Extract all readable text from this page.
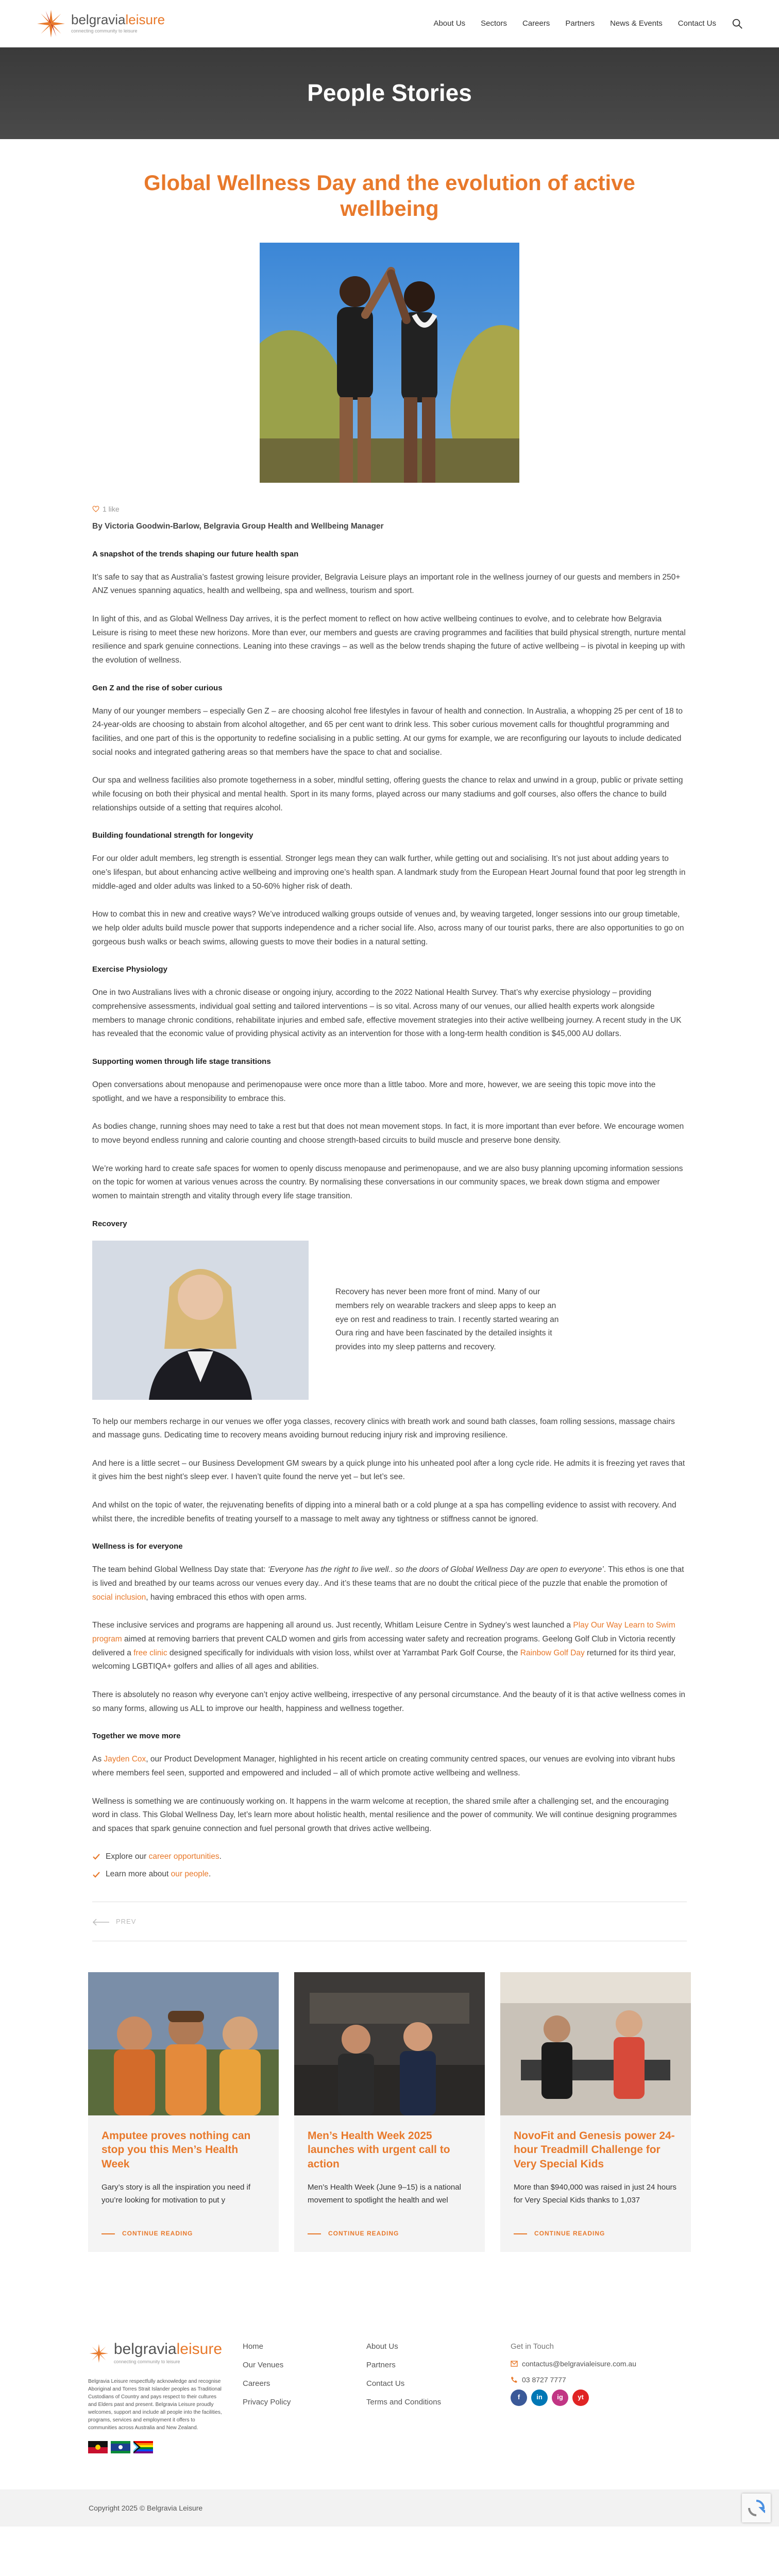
belgravialeisure
connecting community to leisure
About Us Sectors Careers Partners News & Events Contact Us
People Stories
Global Wellness Day and the evolution of active wellbeing
1 like

By Victoria Goodwin-Barlow, Belgravia Group Health and Wellbeing Manager

A snapshot of the trends shaping our future health span

It’s safe to say that as Australia’s fastest growing leisure provider, Belgravia Leisure plays an important role in the wellness journey of our guests and members in 250+ ANZ venues spanning aquatics, health and wellbeing, spa and wellness, tourism and sport.

In light of this, and as Global Wellness Day arrives, it is the perfect moment to reflect on how active wellbeing continues to evolve, and to celebrate how Belgravia Leisure is rising to meet these new horizons. More than ever, our members and guests are craving programmes and facilities that build physical strength, nurture mental resilience and spark genuine connections. Leaning into these cravings – as well as the below trends shaping the future of active wellbeing – is pivotal in keeping up with the evolution of wellness.

Gen Z and the rise of sober curious

Many of our younger members – especially Gen Z – are choosing alcohol free lifestyles in favour of health and connection. In Australia, a whopping 25 per cent of 18 to 24-year-olds are choosing to abstain from alcohol altogether, and 65 per cent want to drink less. This sober curious movement calls for thoughtful programming and facilities, and one part of this is the opportunity to redefine socialising in a public setting. At our gyms for example, we are reconfiguring our layouts to include dedicated social nooks and integrated gathering areas so that members have the space to chat and socialise.

Our spa and wellness facilities also promote togetherness in a sober, mindful setting, offering guests the chance to relax and unwind in a group, public or private setting while focusing on both their physical and mental health. Sport in its many forms, played across our many stadiums and golf courses, also offers the chance to build relationships outside of a setting that requires alcohol.

Building foundational strength for longevity

For our older adult members, leg strength is essential. Stronger legs mean they can walk further, while getting out and socialising. It’s not just about adding years to one’s lifespan, but about enhancing active wellbeing and improving one’s health span. A landmark study from the European Heart Journal found that poor leg strength in middle-aged and older adults was linked to a 50-60% higher risk of death.

How to combat this in new and creative ways? We’ve introduced walking groups outside of venues and, by weaving targeted, longer sessions into our group timetable, we help older adults build muscle power that supports independence and a richer social life. Also, across many of our tourist parks, there are also opportunities to go on gorgeous bush walks or beach swims, allowing guests to move their bodies in a natural setting.

Exercise Physiology

One in two Australians lives with a chronic disease or ongoing injury, according to the 2022 National Health Survey. That’s why exercise physiology – providing comprehensive assessments, individual goal setting and tailored interventions – is so vital. Across many of our venues, our allied health experts work alongside members to manage chronic conditions, rehabilitate injuries and embed safe, effective movement strategies into their active wellbeing journey. A recent study in the UK has revealed that the economic value of providing physical activity as an intervention for those with a long-term health condition is $45,000 AU dollars.

Supporting women through life stage transitions

Open conversations about menopause and perimenopause were once more than a little taboo. More and more, however, we are seeing this topic move into the spotlight, and we have a responsibility to embrace this.

As bodies change, running shoes may need to take a rest but that does not mean movement stops. In fact, it is more important than ever before. We encourage women to move beyond endless running and calorie counting and choose strength-based circuits to build muscle and preserve bone density.

We’re working hard to create safe spaces for women to openly discuss menopause and perimenopause, and we are also busy planning upcoming information sessions on the topic for women at various venues across the country. By normalising these conversations in our community spaces, we break down stigma and empower women to maintain strength and vitality through every life stage transition.

Recovery

Recovery has never been more front of mind. Many of our members rely on wearable trackers and sleep apps to keep an eye on rest and readiness to train. I recently started wearing an Oura ring and have been fascinated by the detailed insights it provides into my sleep patterns and recovery.

To help our members recharge in our venues we offer yoga classes, recovery clinics with breath work and sound bath classes, foam rolling sessions, massage chairs and massage guns. Dedicating time to recovery means avoiding burnout reducing injury risk and improving resilience.

And here is a little secret – our Business Development GM swears by a quick plunge into his unheated pool after a long cycle ride. He admits it is freezing yet raves that it gives him the best night’s sleep ever. I haven’t quite found the nerve yet – but let’s see.

And whilst on the topic of water, the rejuvenating benefits of dipping into a mineral bath or a cold plunge at a spa has compelling evidence to assist with recovery. And whilst there, the incredible benefits of treating yourself to a massage to melt away any tightness or stiffness cannot be ignored.

Wellness is for everyone

The team behind Global Wellness Day state that: ‘Everyone has the right to live well.. so the doors of Global Wellness Day are open to everyone’. This ethos is one that is lived and breathed by our teams across our venues every day.. And it’s these teams that are no doubt the critical piece of the puzzle that enable the promotion of social inclusion, having embraced this ethos with open arms.

These inclusive services and programs are happening all around us. Just recently, Whitlam Leisure Centre in Sydney’s west launched a Play Our Way Learn to Swim program aimed at removing barriers that prevent CALD women and girls from accessing water safety and recreation programs. Geelong Golf Club in Victoria recently delivered a free clinic designed specifically for individuals with vision loss, whilst over at Yarrambat Park Golf Course, the Rainbow Golf Day returned for its third year, welcoming LGBTIQA+ golfers and allies of all ages and abilities.

There is absolutely no reason why everyone can’t enjoy active wellbeing, irrespective of any personal circumstance. And the beauty of it is that active wellness comes in so many forms, allowing us ALL to improve our health, happiness and wellness together.

Together we move more

As Jayden Cox, our Product Development Manager, highlighted in his recent article on creating community centred spaces, our venues are evolving into vibrant hubs where members feel seen, supported and empowered and included – all of which promote active wellbeing and wellness.

Wellness is something we are continuously working on. It happens in the warm welcome at reception, the shared smile after a challenging set, and the encouraging word in class. This Global Wellness Day, let’s learn more about holistic health, mental resilience and the power of community. We will continue designing programmes and spaces that spark genuine connection and fuel personal growth that drives active wellbeing.

Explore our career opportunities.
Learn more about our people.
PREV
Amputee proves nothing can stop you this Men’s Health Week

Gary’s story is all the inspiration you need if you’re looking for motivation to put y

CONTINUE READING
Men’s Health Week 2025 launches with urgent call to action

Men’s Health Week (June 9–15) is a national movement to spotlight the health and wel

CONTINUE READING
NovoFit and Genesis power 24-hour Treadmill Challenge for Very Special Kids

More than $940,000 was raised in just 24 hours for Very Special Kids thanks to 1,037

CONTINUE READING
belgravialeisure
connecting community to leisure

Belgravia Leisure respectfully acknowledge and recognise Aboriginal and Torres Strait Islander peoples as Traditional Custodians of Country and pays respect to their cultures and Elders past and present. Belgravia Leisure proudly welcomes, support and include all people into the facilities, programs, services and employment it offers to communities across Australia and New Zealand.

Home
Our Venues
Careers
Privacy Policy
About Us
Partners
Contact Us
Terms and Conditions
Get in Touch
contactus@belgravialeisure.com.au
03 8727 7777
f	in	ig	yt
Copyright 2025 © Belgravia Leisure
